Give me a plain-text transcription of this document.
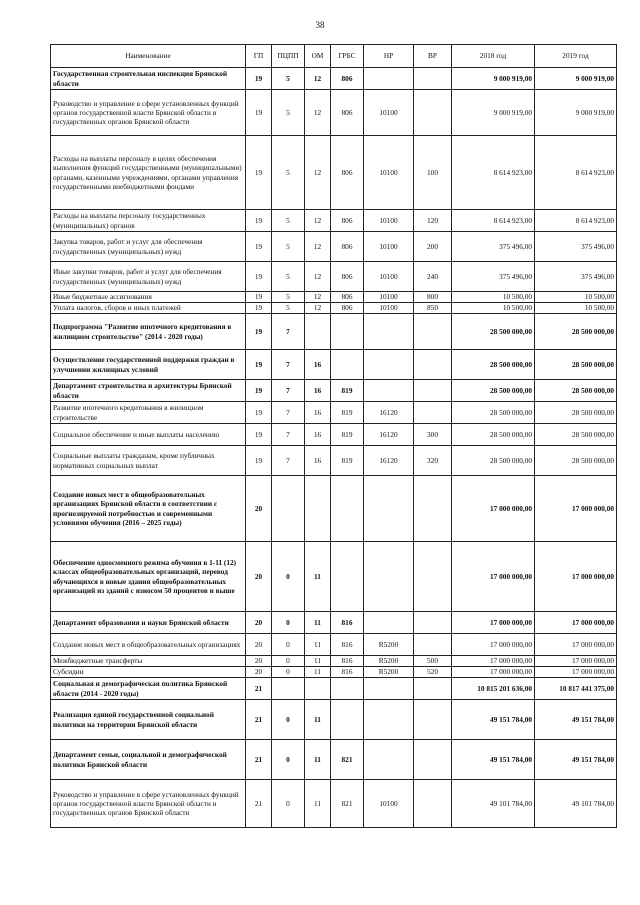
38
Наименование	ГП	ПЦПП	ОМ	ГРБС	НР	ВР	2018 год	2019 год
Государственная строительная инспекция Брянской области	19	5	12	806			9 000 919,00	9 000 919,00
Руководство и управление в сфере установленных функций органов государственной власти Брянской области и государственных органов Брянской области	19	5	12	806	10100		9 000 919,00	9 000 919,00
Расходы на выплаты персоналу в целях обеспечения выполнения функций государственными (муниципальными) органами, казенными учреждениями, органами управления государственными внебюджетными фондами	19	5	12	806	10100	100	8 614 923,00	8 614 923,00
Расходы на выплаты персоналу государственных (муниципальных) органов	19	5	12	806	10100	120	8 614 923,00	8 614 923,00
Закупка товаров, работ и услуг для обеспечения государственных (муниципальных) нужд	19	5	12	806	10100	200	375 496,00	375 496,00
Иные закупки товаров, работ и услуг для обеспечения государственных (муниципальных) нужд	19	5	12	806	10100	240	375 496,00	375 496,00
Иные бюджетные ассигнования	19	5	12	806	10100	800	10 500,00	10 500,00
Уплата налогов, сборов и иных платежей	19	5	12	806	10100	850	10 500,00	10 500,00
Подпрограмма "Развитие ипотечного кредитования в жилищном строительстве" (2014 - 2020 годы)	19	7					28 500 000,00	28 500 000,00
Осуществление государственной поддержки граждан в улучшении жилищных условий	19	7	16				28 500 000,00	28 500 000,00
Департамент строительства и архитектуры Брянской области	19	7	16	819			28 500 000,00	28 500 000,00
Развитие ипотечного кредитования в жилищном строительстве	19	7	16	819	16120		28 500 000,00	28 500 000,00
Социальное обеспечение и иные выплаты населению	19	7	16	819	16120	300	28 500 000,00	28 500 000,00
Социальные выплаты гражданам, кроме публичных нормативных социальных выплат	19	7	16	819	16120	320	28 500 000,00	28 500 000,00
Создание новых мест в общеобразовательных организациях Брянской области в соответствии с прогнозируемой потребностью и современными условиями обучения (2016 – 2025 годы)	20						17 000 000,00	17 000 000,00
Обеспечение односменного режима обучения в 1-11 (12) классах общеобразовательных организаций, перевод обучающихся в новые здания общеобразовательных организаций из зданий с износом 50 процентов и выше	20	0	11				17 000 000,00	17 000 000,00
Департамент образования и науки Брянской области	20	0	11	816			17 000 000,00	17 000 000,00
Создание новых мест в общеобразовательных организациях	20	0	11	816	R5200		17 000 000,00	17 000 000,00
Межбюджетные трансферты	20	0	11	816	R5200	500	17 000 000,00	17 000 000,00
Субсидии	20	0	11	816	R5200	520	17 000 000,00	17 000 000,00
Социальная и демографическая политика Брянской области (2014 - 2020 годы)	21						10 815 201 636,00	10 817 441 375,00
Реализация единой государственной социальной политики на территории Брянской области	21	0	11				49 151 784,00	49 151 784,00
Департамент семьи, социальной и демографической политики Брянской области	21	0	11	821			49 151 784,00	49 151 784,00
Руководство и управление в сфере установленных функций органов государственной власти Брянской области и государственных органов Брянской области	21	0	11	821	10100		49 101 784,00	49 101 784,00
